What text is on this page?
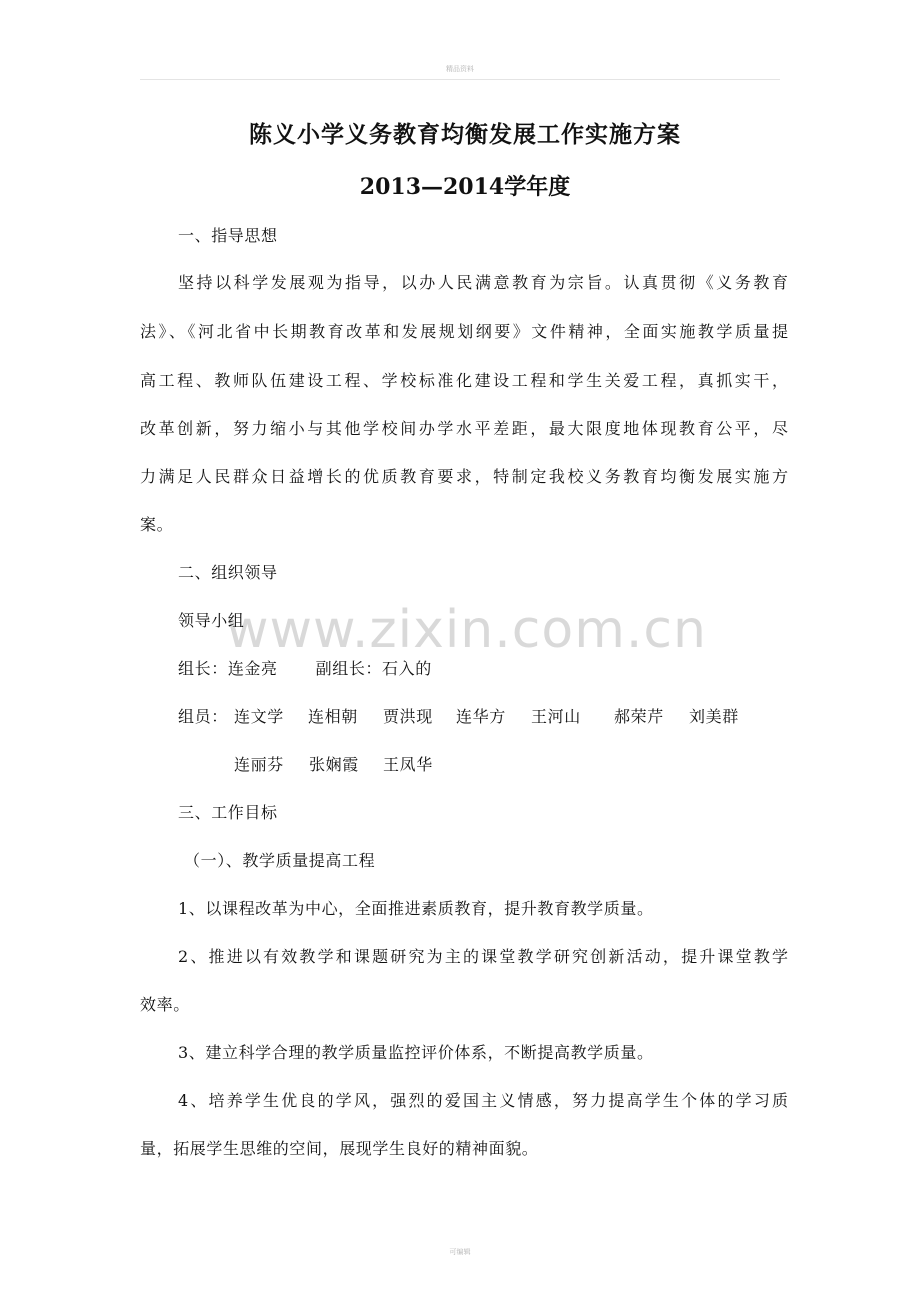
精品资料
www.zixin.com.cn
陈义小学义务教育均衡发展工作实施方案
2013—2014学年度
一、指导思想
坚持以科学发展观为指导，以办人民满意教育为宗旨。认真贯彻《义务教育
法》、《河北省中长期教育改革和发展规划纲要》文件精神，全面实施教学质量提
高工程、教师队伍建设工程、学校标准化建设工程和学生关爱工程，真抓实干，
改革创新，努力缩小与其他学校间办学水平差距，最大限度地体现教育公平，尽
力满足人民群众日益增长的优质教育要求，特制定我校义务教育均衡发展实施方
案。
二、组织领导
领导小组
组长：连金亮 副组长：石入的
组员： 连文学 连相朝 贾洪现 连华方 王河山 郝荣芹 刘美群
连丽芬 张娴霞 王凤华
三、工作目标
（一）、教学质量提高工程
1、以课程改革为中心，全面推进素质教育，提升教育教学质量。
2、推进以有效教学和课题研究为主的课堂教学研究创新活动，提升课堂教学
效率。
3、建立科学合理的教学质量监控评价体系，不断提高教学质量。
4、培养学生优良的学风，强烈的爱国主义情感，努力提高学生个体的学习质
量，拓展学生思维的空间，展现学生良好的精神面貌。
可编辑
